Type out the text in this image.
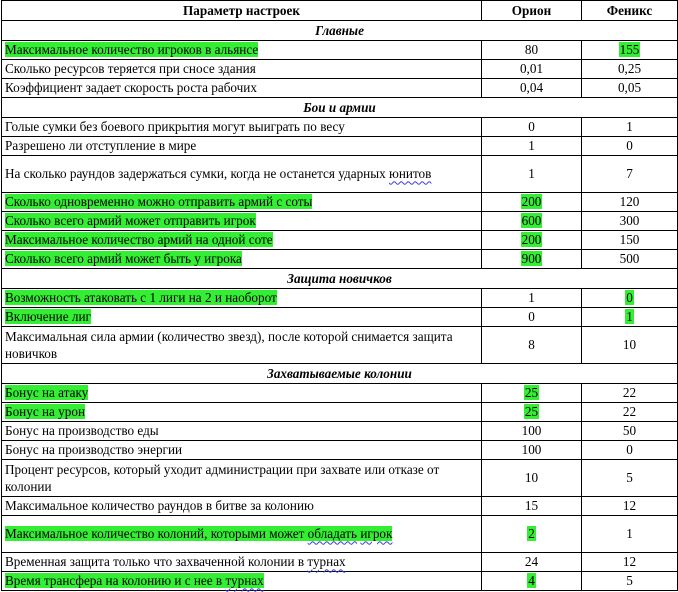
Параметр настроек	Орион	Феникс
Главные		
Максимальное количество игроков в альянсе	80	155
Сколько ресурсов теряется при сносе здания	0,01	0,25
Коэффициент задает скорость роста рабочих	0,04	0,05
Бои и армии		
Голые сумки без боевого прикрытия могут выиграть по весу	0	1
Разрешено ли отступление в мире	1	0
На сколько раундов задержаться сумки, когда не останется ударных юнитов	1	7
Сколько одновременно можно отправить армий с соты	200	120
Сколько всего армий может отправить игрок	600	300
Максимальное количество армий на одной соте	200	150
Сколько всего армий может быть у игрока	900	500
Защита новичков		
Возможность атаковать с 1 лиги на 2 и наоборот	1	0
Включение лиг	0	1
Максимальная сила армии (количество звезд), после которой снимается защита новичков	8	10
Захватываемые колонии		
Бонус на атаку	25	22
Бонус на урон	25	22
Бонус на производство еды	100	50
Бонус на производство энергии	100	0
Процент ресурсов, который уходит администрации при захвате или отказе от колонии	10	5
Максимальное количество раундов в битве за колонию	15	12
Максимальное количество колоний, которыми может обладать игрок	2	1
Временная защита только что захваченной колонии в турнах	24	12
Время трансфера на колонию и с нее в турнах	4	5
